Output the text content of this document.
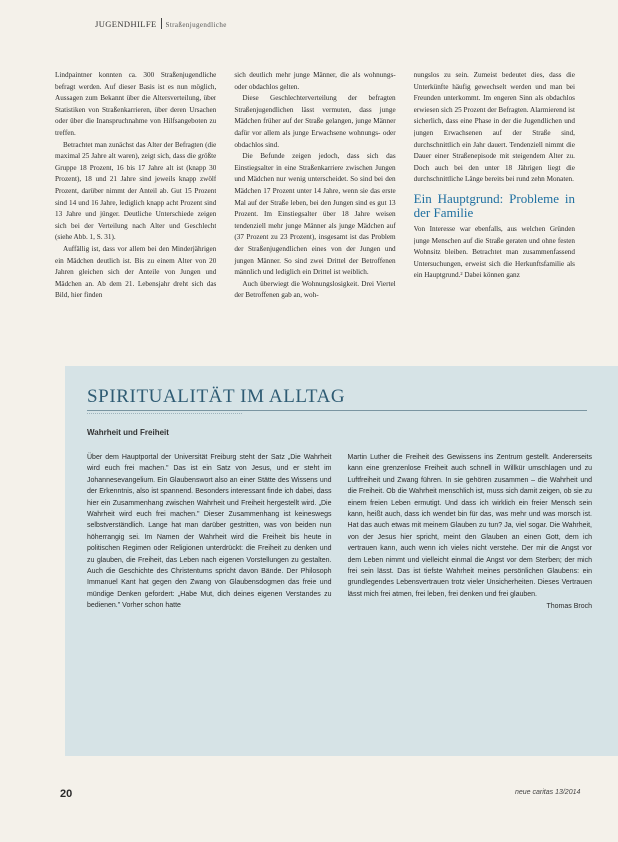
JUGENDHILFE Straßenjugendliche

Lindpaintner konnten ca. 300 Straßenjugendliche befragt werden. Auf dieser Basis ist es nun möglich, Aussagen zum Bekannt über die Altersverteilung, über Statistiken von Straßenkarrieren, über deren Ursachen oder über die Inanspruchnahme von Hilfsangeboten zu treffen.

Betrachtet man zunächst das Alter der Befragten (die maximal 25 Jahre alt waren), zeigt sich, dass die größte Gruppe 18 Prozent, 16 bis 17 Jahre alt ist (knapp 30 Prozent), 18 und 21 Jahre sind jeweils knapp zwölf Prozent, darüber nimmt der Anteil ab. Gut 15 Prozent sind 14 und 16 Jahre, lediglich knapp acht Prozent sind 13 Jahre und jünger. Deutliche Unterschiede zeigen sich bei der Verteilung nach Alter und Geschlecht (siehe Abb. 1, S. 31).

Auffällig ist, dass vor allem bei den Minderjährigen ein Mädchen deutlich ist. Bis zu einem Alter von 20 Jahren gleichen sich der Anteile von Jungen und Mädchen an. Ab dem 21. Lebensjahr dreht sich das Bild, hier finden

sich deutlich mehr junge Männer, die als wohnungs- oder obdachlos gelten.

Diese Geschlechterverteilung der befragten Straßenjugendlichen lässt vermuten, dass junge Mädchen früher auf der Straße gelangen, junge Männer dafür vor allem als junge Erwachsene wohnungs- oder obdachlos sind.

Die Befunde zeigen jedoch, dass sich das Einstiegsalter in eine Straßenkarriere zwischen Jungen und Mädchen nur wenig unterscheidet. So sind bei den Mädchen 17 Prozent unter 14 Jahre, wenn sie das erste Mal auf der Straße leben, bei den Jungen sind es gut 13 Prozent. Im Einstiegsalter über 18 Jahre weisen tendenziell mehr junge Männer als junge Mädchen auf (37 Prozent zu 23 Prozent), insgesamt ist das Problem der Straßenjugendlichen eines von der Jungen und jungen Männer. So sind zwei Drittel der Betroffenen männlich und lediglich ein Drittel ist weiblich.

Auch überwiegt die Wohnungslosigkeit. Drei Viertel der Betroffenen gab an, woh-

nungslos zu sein. Zumeist bedeutet dies, dass die Unterkünfte häufig gewechselt werden und man bei Freunden unterkommt. Im engeren Sinn als obdachlos erwiesen sich 25 Prozent der Befragten. Alarmierend ist sicherlich, dass eine Phase in der die Jugendlichen und jungen Erwachsenen auf der Straße sind, durchschnittlich ein Jahr dauert. Tendenziell nimmt die Dauer einer Straßenepisode mit steigendem Alter zu. Doch auch bei den unter 18 Jährigen liegt die durchschnittliche Länge bereits bei rund zehn Monaten.

Ein Hauptgrund: Probleme in der Familie

Von Interesse war ebenfalls, aus welchen Gründen junge Menschen auf die Straße geraten und ohne festen Wohnsitz bleiben. Betrachtet man zusammenfassend Untersuchungen, erweist sich die Herkunftsfamilie als ein Hauptgrund.² Dabei können ganz

SPIRITUALITÄT IM ALLTAG
Wahrheit und Freiheit

Über dem Hauptportal der Universität Freiburg steht der Satz „Die Wahrheit wird euch frei machen." Das ist ein Satz von Jesus, und er steht im Johannesevangelium. Ein Glaubenswort also an einer Stätte des Wissens und der Erkenntnis, also ist spannend. Besonders interessant finde ich dabei, dass hier ein Zusammenhang zwischen Wahrheit und Freiheit hergestellt wird. „Die Wahrheit wird euch frei machen." Dieser Zusammenhang ist keineswegs selbstverständlich. Lange hat man darüber gestritten, was von beiden nun höherrangig sei. Im Namen der Wahrheit wird die Freiheit bis heute in politischen Regimen oder Religionen unterdrückt: die Freiheit zu denken und zu glauben, die Freiheit, das Leben nach eigenen Vorstellungen zu gestalten. Auch die Geschichte des Christentums spricht davon Bände. Der Philosoph Immanuel Kant hat gegen den Zwang von Glaubensdogmen das freie und mündige Denken gefordert: „Habe Mut, dich deines eigenen Verstandes zu bedienen." Vorher schon hatte

Martin Luther die Freiheit des Gewissens ins Zentrum gestellt. Andererseits kann eine grenzenlose Freiheit auch schnell in Willkür umschlagen und zu Luftfreiheit und Zwang führen. In sie gehören zusammen – die Wahrheit und die Freiheit. Ob die Wahrheit menschlich ist, muss sich damit zeigen, ob sie zu einem freien Leben ermutigt. Und dass ich wirklich ein freier Mensch sein kann, heißt auch, dass ich wendet bin für das, was mehr und was morsch ist. Hat das auch etwas mit meinem Glauben zu tun? Ja, viel sogar. Die Wahrheit, von der Jesus hier spricht, meint den Glauben an einen Gott, dem ich vertrauen kann, auch wenn ich vieles nicht verstehe. Der mir die Angst vor dem Leben nimmt und vielleicht einmal die Angst vor dem Sterben; der mich frei sein lässt. Das ist tiefste Wahrheit meines persönlichen Glaubens: ein grundlegendes Lebensvertrauen trotz vieler Unsicherheiten. Dieses Vertrauen lässt mich frei atmen, frei leben, frei denken und frei glauben.

Thomas Broch

20	neue caritas 13/2014
